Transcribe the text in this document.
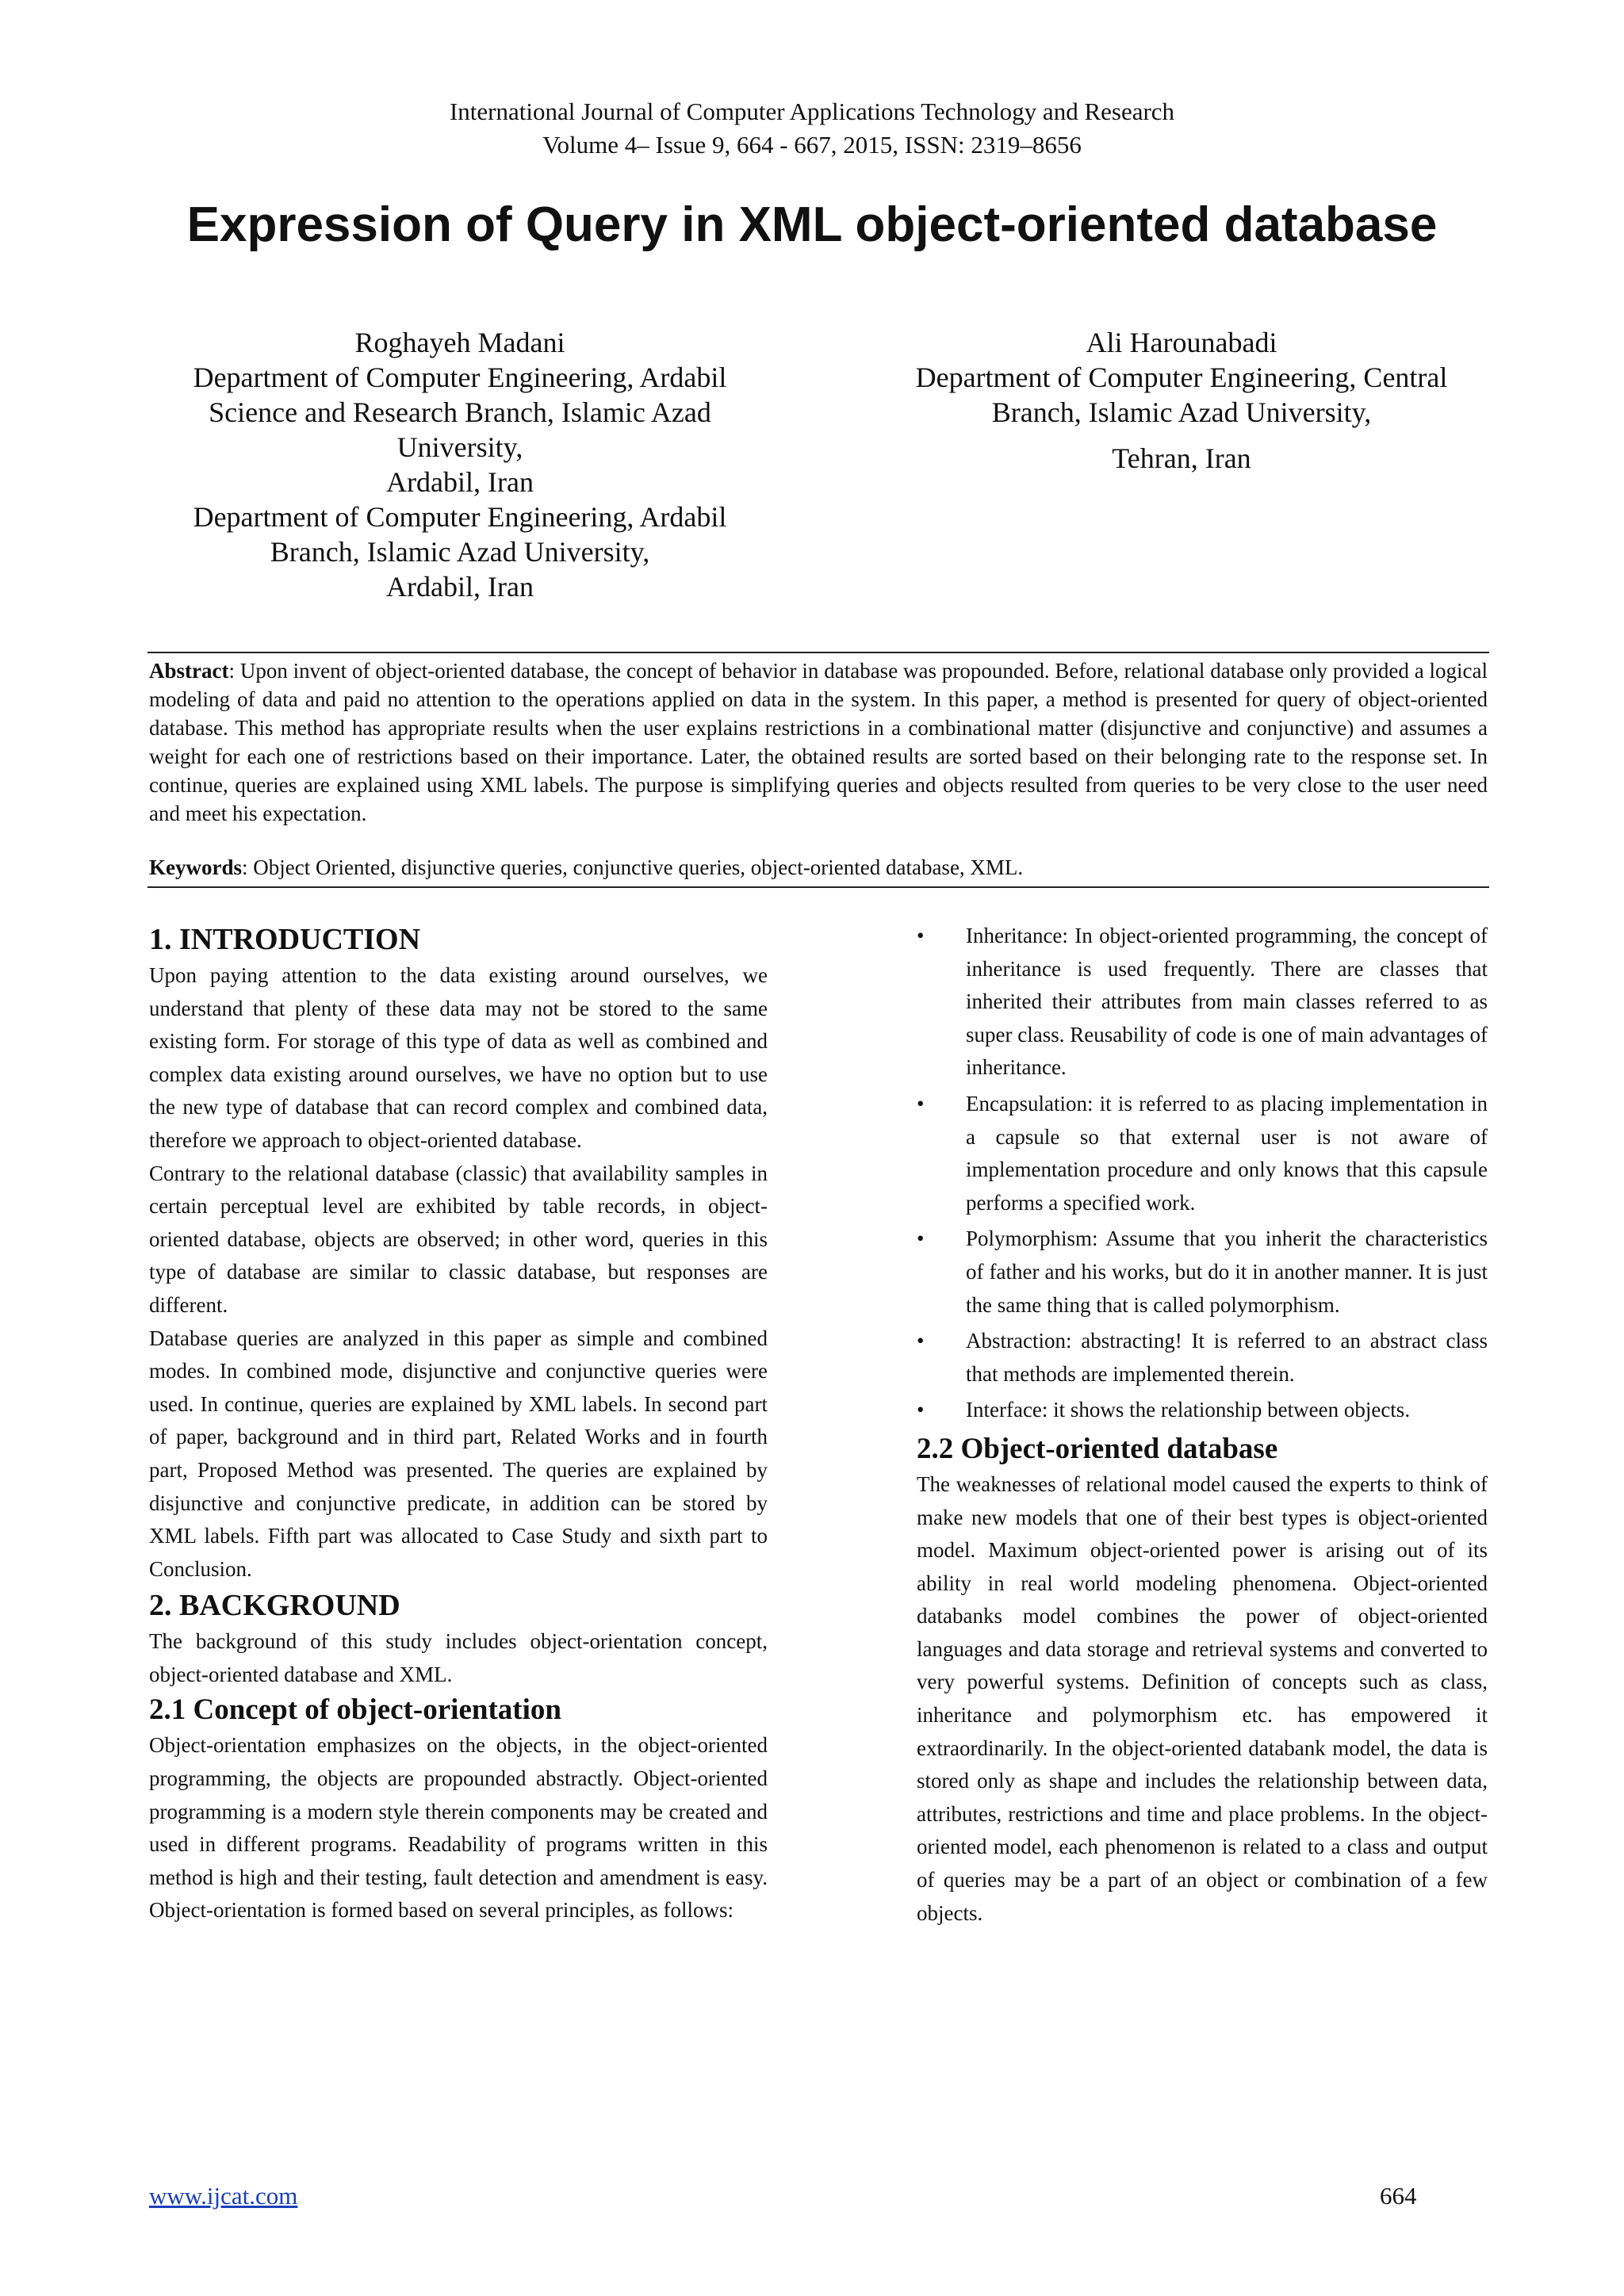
International Journal of Computer Applications Technology and Research
Volume 4– Issue 9, 664 - 667, 2015, ISSN: 2319–8656
Expression of Query in XML object-oriented database
Roghayeh Madani
Department of Computer Engineering, Ardabil
Science and Research Branch, Islamic Azad
University,
Ardabil, Iran
Department of Computer Engineering, Ardabil
Branch, Islamic Azad University,
Ardabil, Iran
Ali Harounabadi
Department of Computer Engineering, Central
Branch, Islamic Azad University,
Tehran, Iran
Abstract: Upon invent of object-oriented database, the concept of behavior in database was propounded. Before, relational database only provided a logical modeling of data and paid no attention to the operations applied on data in the system. In this paper, a method is presented for query of object-oriented database. This method has appropriate results when the user explains restrictions in a combinational matter (disjunctive and conjunctive) and assumes a weight for each one of restrictions based on their importance. Later, the obtained results are sorted based on their belonging rate to the response set. In continue, queries are explained using XML labels. The purpose is simplifying queries and objects resulted from queries to be very close to the user need and meet his expectation.
Keywords: Object Oriented, disjunctive queries, conjunctive queries, object-oriented database, XML.
1. INTRODUCTION

Upon paying attention to the data existing around ourselves, we understand that plenty of these data may not be stored to the same existing form. For storage of this type of data as well as combined and complex data existing around ourselves, we have no option but to use the new type of database that can record complex and combined data, therefore we approach to object-oriented database.

Contrary to the relational database (classic) that availability samples in certain perceptual level are exhibited by table records, in object-oriented database, objects are observed; in other word, queries in this type of database are similar to classic database, but responses are different.

Database queries are analyzed in this paper as simple and combined modes. In combined mode, disjunctive and conjunctive queries were used. In continue, queries are explained by XML labels. In second part of paper, background and in third part, Related Works and in fourth part, Proposed Method was presented. The queries are explained by disjunctive and conjunctive predicate, in addition can be stored by XML labels. Fifth part was allocated to Case Study and sixth part to Conclusion.

2. BACKGROUND

The background of this study includes object-orientation concept, object-oriented database and XML.

2.1 Concept of object-orientation

Object-orientation emphasizes on the objects, in the object-oriented programming, the objects are propounded abstractly. Object-oriented programming is a modern style therein components may be created and used in different programs. Readability of programs written in this method is high and their testing, fault detection and amendment is easy. Object-orientation is formed based on several principles, as follows:

• Inheritance: In object-oriented programming, the concept of inheritance is used frequently. There are classes that inherited their attributes from main classes referred to as super class. Reusability of code is one of main advantages of inheritance.
• Encapsulation: it is referred to as placing implementation in a capsule so that external user is not aware of implementation procedure and only knows that this capsule performs a specified work.
• Polymorphism: Assume that you inherit the characteristics of father and his works, but do it in another manner. It is just the same thing that is called polymorphism.
• Abstraction: abstracting! It is referred to an abstract class that methods are implemented therein.
• Interface: it shows the relationship between objects.
2.2 Object-oriented database

The weaknesses of relational model caused the experts to think of make new models that one of their best types is object-oriented model. Maximum object-oriented power is arising out of its ability in real world modeling phenomena. Object-oriented databanks model combines the power of object-oriented languages and data storage and retrieval systems and converted to very powerful systems. Definition of concepts such as class, inheritance and polymorphism etc. has empowered it extraordinarily. In the object-oriented databank model, the data is stored only as shape and includes the relationship between data, attributes, restrictions and time and place problems. In the object-oriented model, each phenomenon is related to a class and output of queries may be a part of an object or combination of a few objects.

www.ijcat.com	664
